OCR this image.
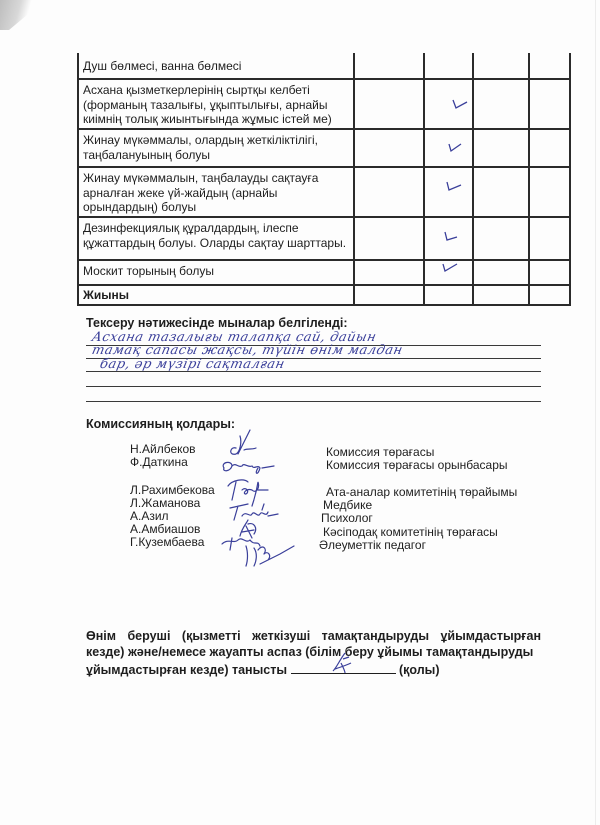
Душ бөлмесі, ванна бөлмесі
Асхана қызметкерлерінің сыртқы келбеті (форманың тазалығы, ұқыптылығы, арнайы киімнің толық жиынтығында жұмыс істей ме)
Жинау мүкәммалы, олардың жеткіліктілігі, таңбалануының болуы
Жинау мүкәммалын, таңбалауды сақтауға арналған жеке үй-жайдың (арнайы орындардың) болуы
Дезинфекциялық құралдардың, ілеспе құжаттардың болуы. Оларды сақтау шарттары.
Москит торының болуы
Жиыны
Тексеру нәтижесінде мыналар белгіленді:
Асхана тазалығы талапқа сай, дайын
тамақ сапасы жақсы, түйін өнім малдан
бар, әр мүзірі сақталған
Комиссияның қолдары:
Н.Айлбеков
Ф.Даткина
Л.Рахимбекова
Л.Жаманова
А.Азил
А.Амбиашов
Г.Кузембаева
Комиссия төрағасы
Комиссия төрағасы орынбасары
Ата-аналар комитетінің төрайымы
Медбике
Психолог
Кәсіподақ комитетінің төрағасы
Әлеуметтік педагог
Өнім беруші (қызметті жеткізуші тамақтандыруды ұйымдастырған кезде) және/немесе жауапты аспаз (білім беру ұйымы тамақтандыруды
ұйымдастырған кезде) танысты	(қолы)
